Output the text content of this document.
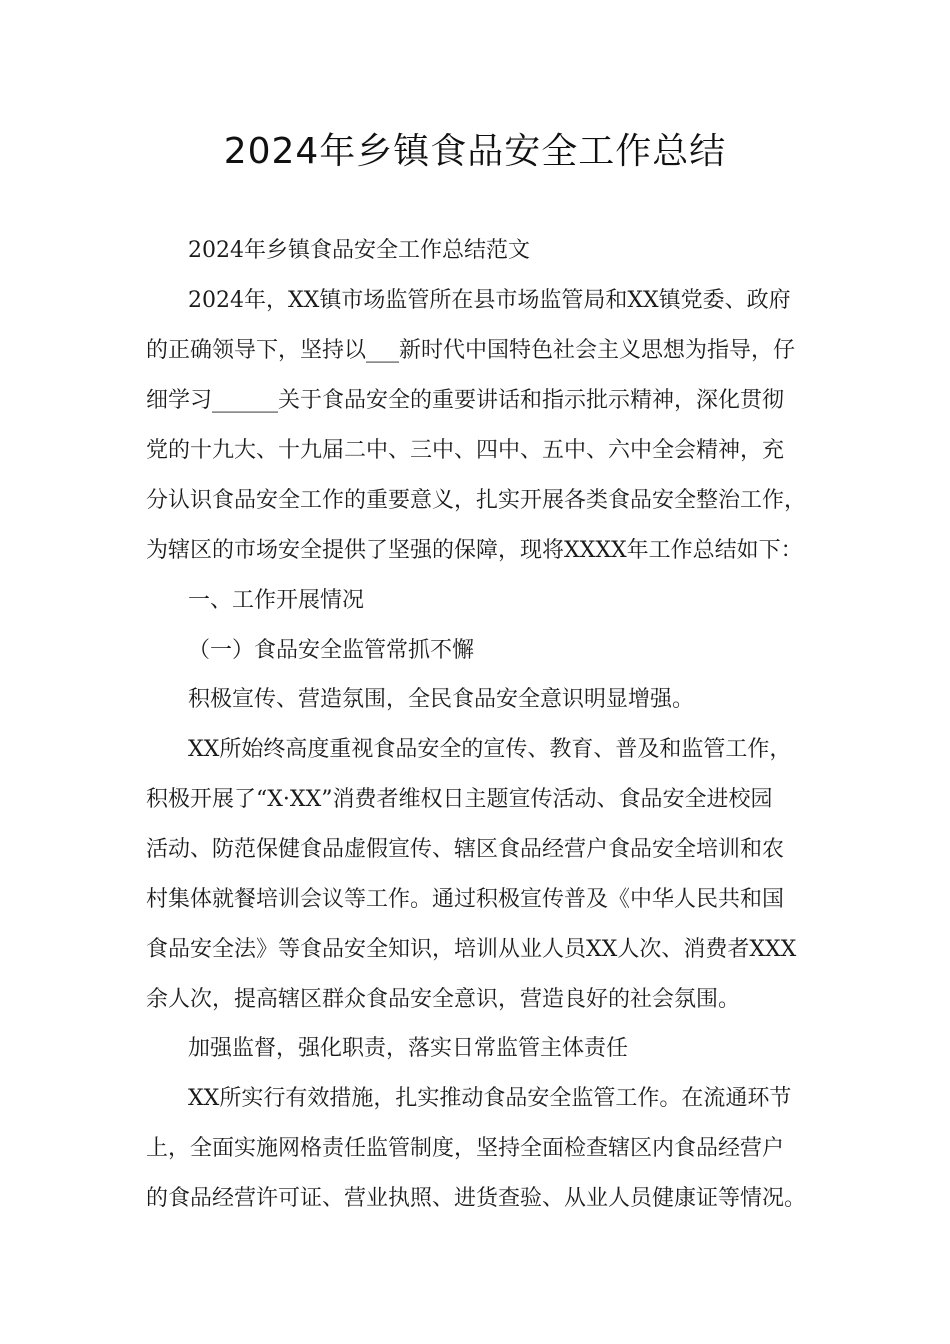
2024年乡镇食品安全工作总结

2024年乡镇食品安全工作总结范文

2024年，XX镇市场监管所在县市场监管局和XX镇党委、政府

的正确领导下，坚持以___新时代中国特色社会主义思想为指导，仔

细学习______关于食品安全的重要讲话和指示批示精神，深化贯彻

党的十九大、十九届二中、三中、四中、五中、六中全会精神，充

分认识食品安全工作的重要意义，扎实开展各类食品安全整治工作，

为辖区的市场安全提供了坚强的保障，现将XXXX年工作总结如下：

一、工作开展情况

（一）食品安全监管常抓不懈

积极宣传、营造氛围，全民食品安全意识明显增强。

XX所始终高度重视食品安全的宣传、教育、普及和监管工作，

积极开展了“X·XX”消费者维权日主题宣传活动、食品安全进校园

活动、防范保健食品虚假宣传、辖区食品经营户食品安全培训和农

村集体就餐培训会议等工作。通过积极宣传普及《中华人民共和国

食品安全法》等食品安全知识，培训从业人员XX人次、消费者XXX

余人次，提高辖区群众食品安全意识，营造良好的社会氛围。

加强监督，强化职责，落实日常监管主体责任

XX所实行有效措施，扎实推动食品安全监管工作。在流通环节

上，全面实施网格责任监管制度，坚持全面检查辖区内食品经营户

的食品经营许可证、营业执照、进货查验、从业人员健康证等情况。
